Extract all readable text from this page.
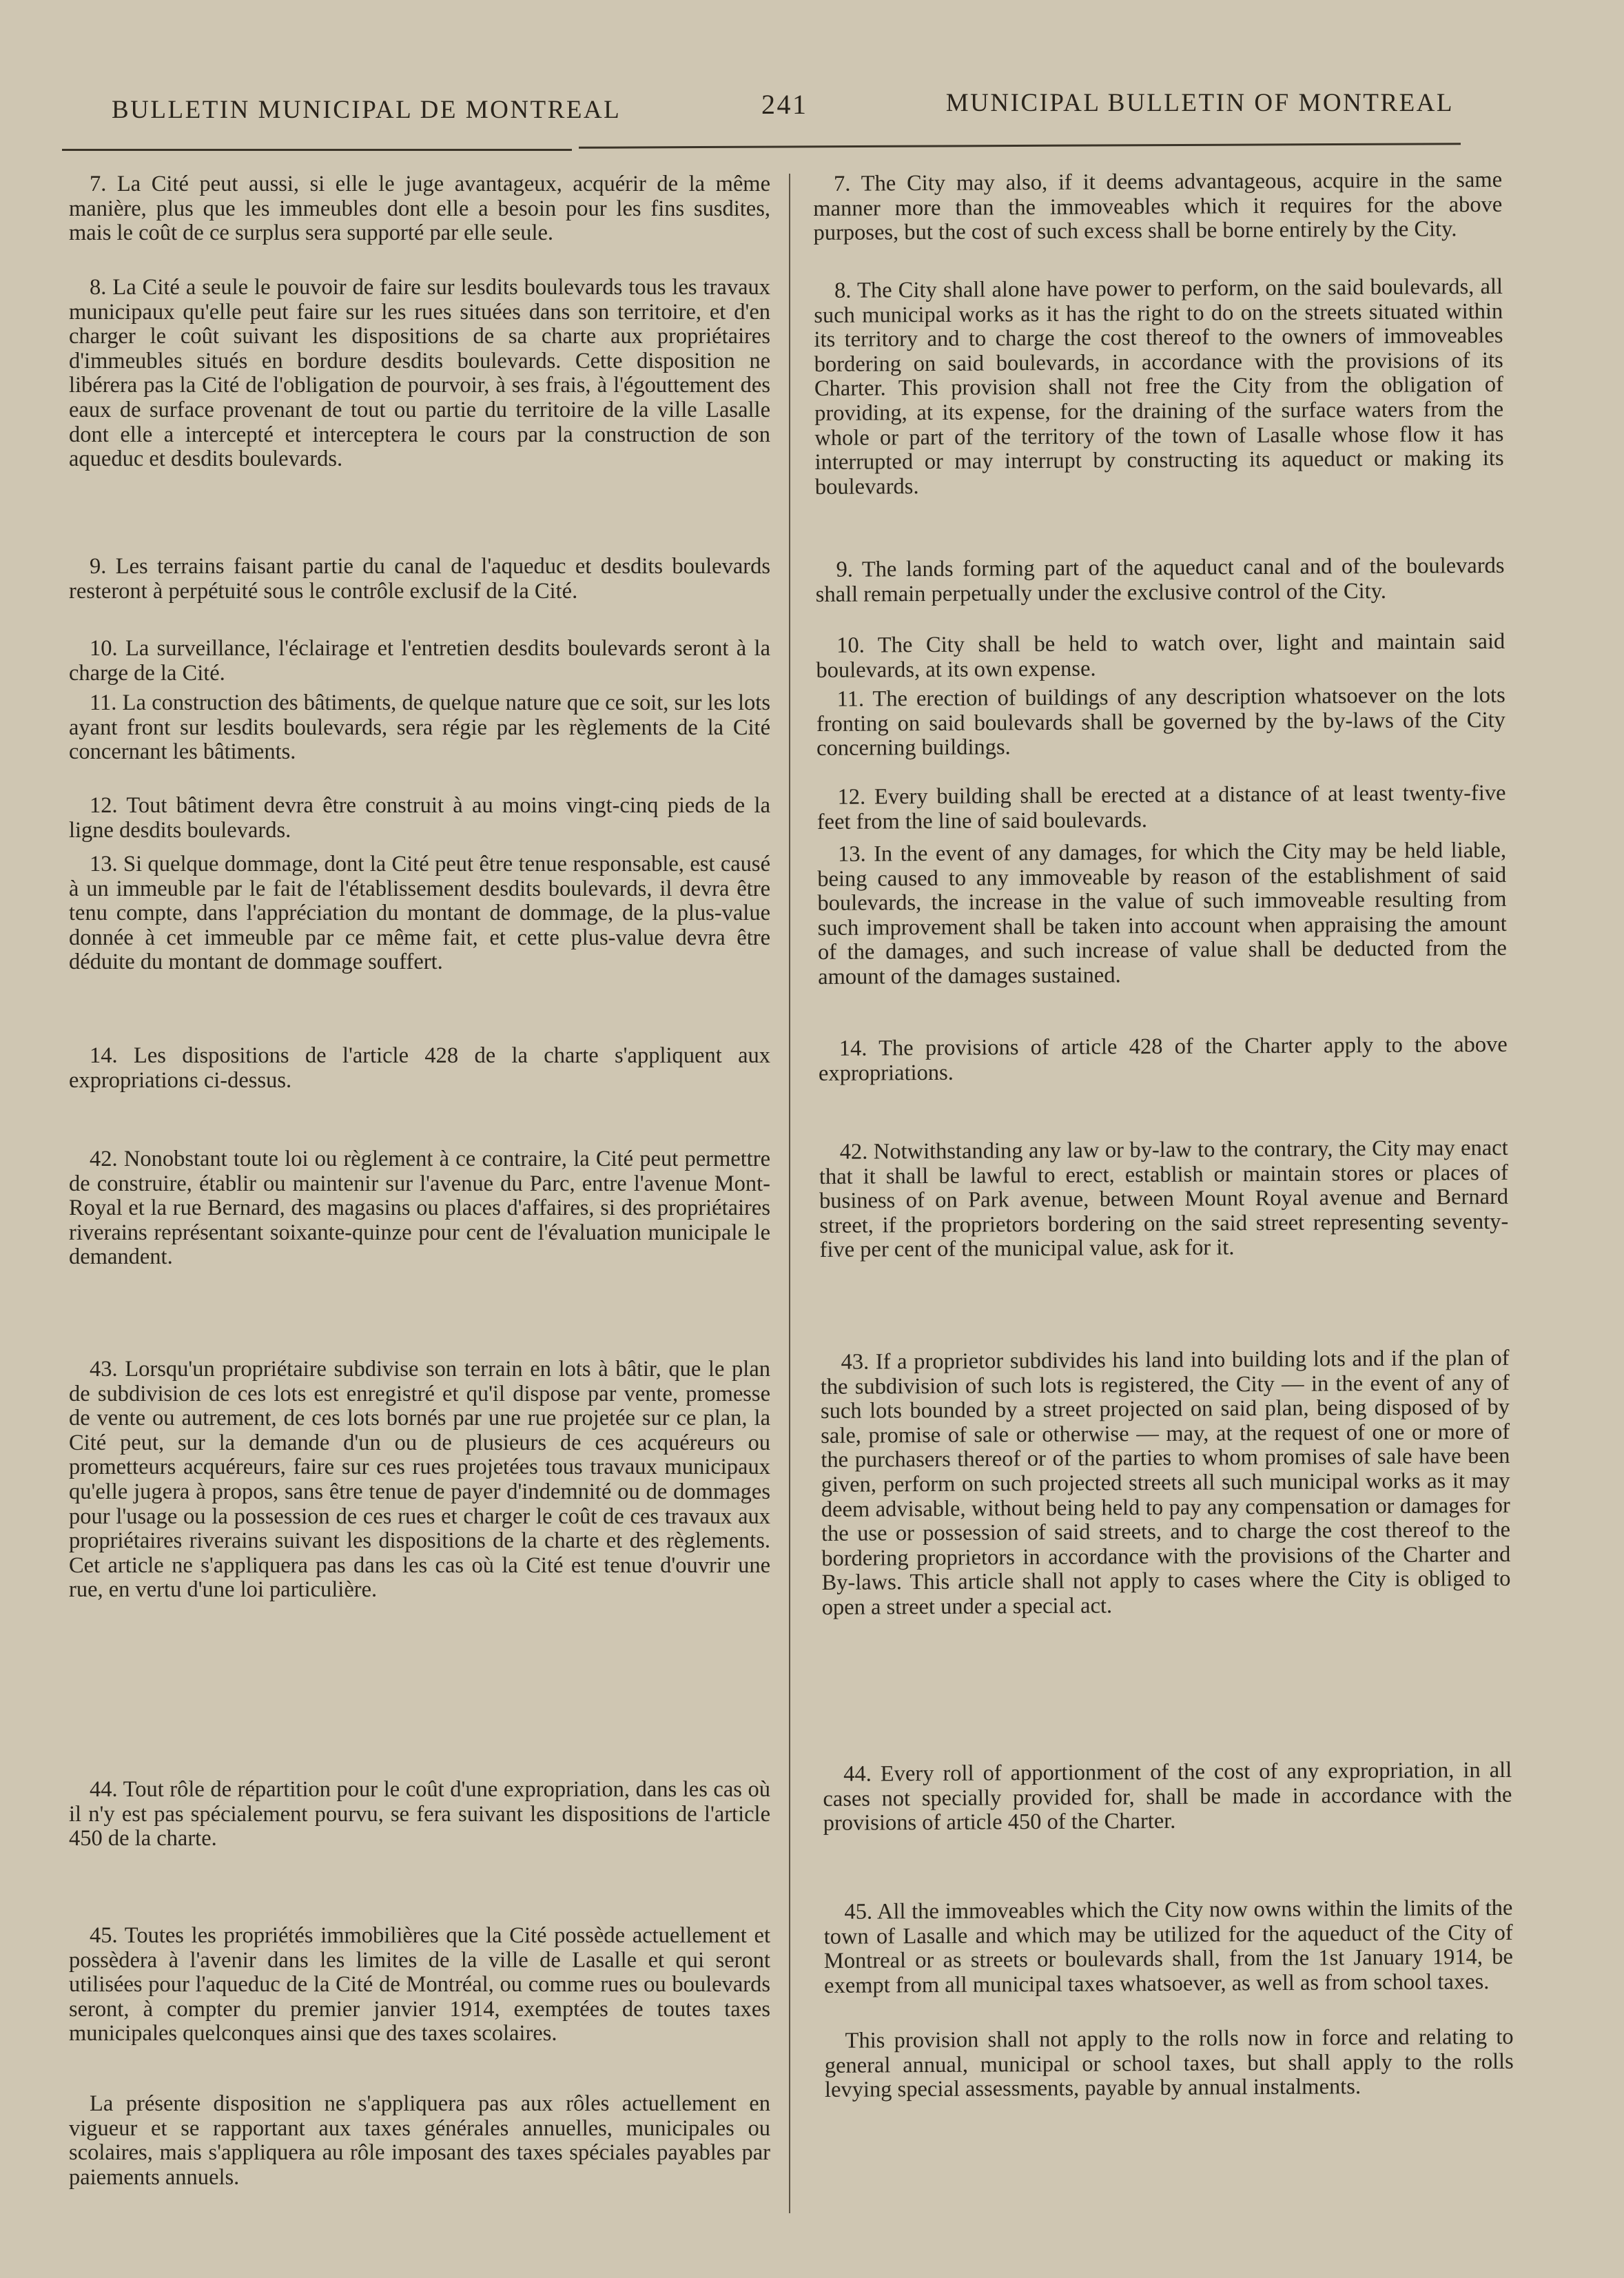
BULLETIN MUNICIPAL DE MONTREAL	241	MUNICIPAL BULLETIN OF MONTREAL

7. La Cité peut aussi, si elle le juge avantageux, acquérir de la même manière, plus que les immeubles dont elle a besoin pour les fins susdites, mais le coût de ce surplus sera supporté par elle seule.

8. La Cité a seule le pouvoir de faire sur lesdits boulevards tous les travaux municipaux qu'elle peut faire sur les rues situées dans son territoire, et d'en charger le coût suivant les dispositions de sa charte aux propriétaires d'immeubles situés en bordure desdits boulevards. Cette disposition ne libérera pas la Cité de l'obligation de pourvoir, à ses frais, à l'égouttement des eaux de surface provenant de tout ou partie du territoire de la ville Lasalle dont elle a intercepté et interceptera le cours par la construction de son aqueduc et desdits boulevards.

9. Les terrains faisant partie du canal de l'aqueduc et desdits boulevards resteront à perpétuité sous le contrôle exclusif de la Cité.

10. La surveillance, l'éclairage et l'entretien desdits boulevards seront à la charge de la Cité.

11. La construction des bâtiments, de quelque nature que ce soit, sur les lots ayant front sur lesdits boulevards, sera régie par les règlements de la Cité concernant les bâtiments.

12. Tout bâtiment devra être construit à au moins vingt-cinq pieds de la ligne desdits boulevards.

13. Si quelque dommage, dont la Cité peut être tenue responsable, est causé à un immeuble par le fait de l'établissement desdits boulevards, il devra être tenu compte, dans l'appréciation du montant de dommage, de la plus-value donnée à cet immeuble par ce même fait, et cette plus-value devra être déduite du montant de dommage souffert.

14. Les dispositions de l'article 428 de la charte s'appliquent aux expropriations ci-dessus.

42. Nonobstant toute loi ou règlement à ce contraire, la Cité peut permettre de construire, établir ou maintenir sur l'avenue du Parc, entre l'avenue Mont-Royal et la rue Bernard, des magasins ou places d'affaires, si des propriétaires riverains représentant soixante-quinze pour cent de l'évaluation municipale le demandent.

43. Lorsqu'un propriétaire subdivise son terrain en lots à bâtir, que le plan de subdivision de ces lots est enregistré et qu'il dispose par vente, promesse de vente ou autrement, de ces lots bornés par une rue projetée sur ce plan, la Cité peut, sur la demande d'un ou de plusieurs de ces acquéreurs ou prometteurs acquéreurs, faire sur ces rues projetées tous travaux municipaux qu'elle jugera à propos, sans être tenue de payer d'indemnité ou de dommages pour l'usage ou la possession de ces rues et charger le coût de ces travaux aux propriétaires riverains suivant les dispositions de la charte et des règlements. Cet article ne s'appliquera pas dans les cas où la Cité est tenue d'ouvrir une rue, en vertu d'une loi particulière.

44. Tout rôle de répartition pour le coût d'une expropriation, dans les cas où il n'y est pas spécialement pourvu, se fera suivant les dispositions de l'article 450 de la charte.

45. Toutes les propriétés immobilières que la Cité possède actuellement et possèdera à l'avenir dans les limites de la ville de Lasalle et qui seront utilisées pour l'aqueduc de la Cité de Montréal, ou comme rues ou boulevards seront, à compter du premier janvier 1914, exemptées de toutes taxes municipales quelconques ainsi que des taxes scolaires.

La présente disposition ne s'appliquera pas aux rôles actuellement en vigueur et se rapportant aux taxes générales annuelles, municipales ou scolaires, mais s'appliquera au rôle imposant des taxes spéciales payables par paiements annuels.

7. The City may also, if it deems advantageous, acquire in the same manner more than the immoveables which it requires for the above purposes, but the cost of such excess shall be borne entirely by the City.

8. The City shall alone have power to perform, on the said boulevards, all such municipal works as it has the right to do on the streets situated within its territory and to charge the cost thereof to the owners of immoveables bordering on said boulevards, in accordance with the provisions of its Charter. This provision shall not free the City from the obligation of providing, at its expense, for the draining of the surface waters from the whole or part of the territory of the town of Lasalle whose flow it has interrupted or may interrupt by constructing its aqueduct or making its boulevards.

9. The lands forming part of the aqueduct canal and of the boulevards shall remain perpetually under the exclusive control of the City.

10. The City shall be held to watch over, light and maintain said boulevards, at its own expense.

11. The erection of buildings of any description whatsoever on the lots fronting on said boulevards shall be governed by the by-laws of the City concerning buildings.

12. Every building shall be erected at a distance of at least twenty-five feet from the line of said boulevards.

13. In the event of any damages, for which the City may be held liable, being caused to any immoveable by reason of the establishment of said boulevards, the increase in the value of such immoveable resulting from such improvement shall be taken into account when appraising the amount of the damages, and such increase of value shall be deducted from the amount of the damages sustained.

14. The provisions of article 428 of the Charter apply to the above expropriations.

42. Notwithstanding any law or by-law to the contrary, the City may enact that it shall be lawful to erect, establish or maintain stores or places of business of on Park avenue, between Mount Royal avenue and Bernard street, if the proprietors bordering on the said street representing seventy-five per cent of the municipal value, ask for it.

43. If a proprietor subdivides his land into building lots and if the plan of the subdivision of such lots is registered, the City — in the event of any of such lots bounded by a street projected on said plan, being disposed of by sale, promise of sale or otherwise — may, at the request of one or more of the purchasers thereof or of the parties to whom promises of sale have been given, perform on such projected streets all such municipal works as it may deem advisable, without being held to pay any compensation or damages for the use or possession of said streets, and to charge the cost thereof to the bordering proprietors in accordance with the provisions of the Charter and By-laws. This article shall not apply to cases where the City is obliged to open a street under a special act.

44. Every roll of apportionment of the cost of any expropriation, in all cases not specially provided for, shall be made in accordance with the provisions of article 450 of the Charter.

45. All the immoveables which the City now owns within the limits of the town of Lasalle and which may be utilized for the aqueduct of the City of Montreal or as streets or boulevards shall, from the 1st January 1914, be exempt from all municipal taxes whatsoever, as well as from school taxes.

This provision shall not apply to the rolls now in force and relating to general annual, municipal or school taxes, but shall apply to the rolls levying special assessments, payable by annual instalments.
